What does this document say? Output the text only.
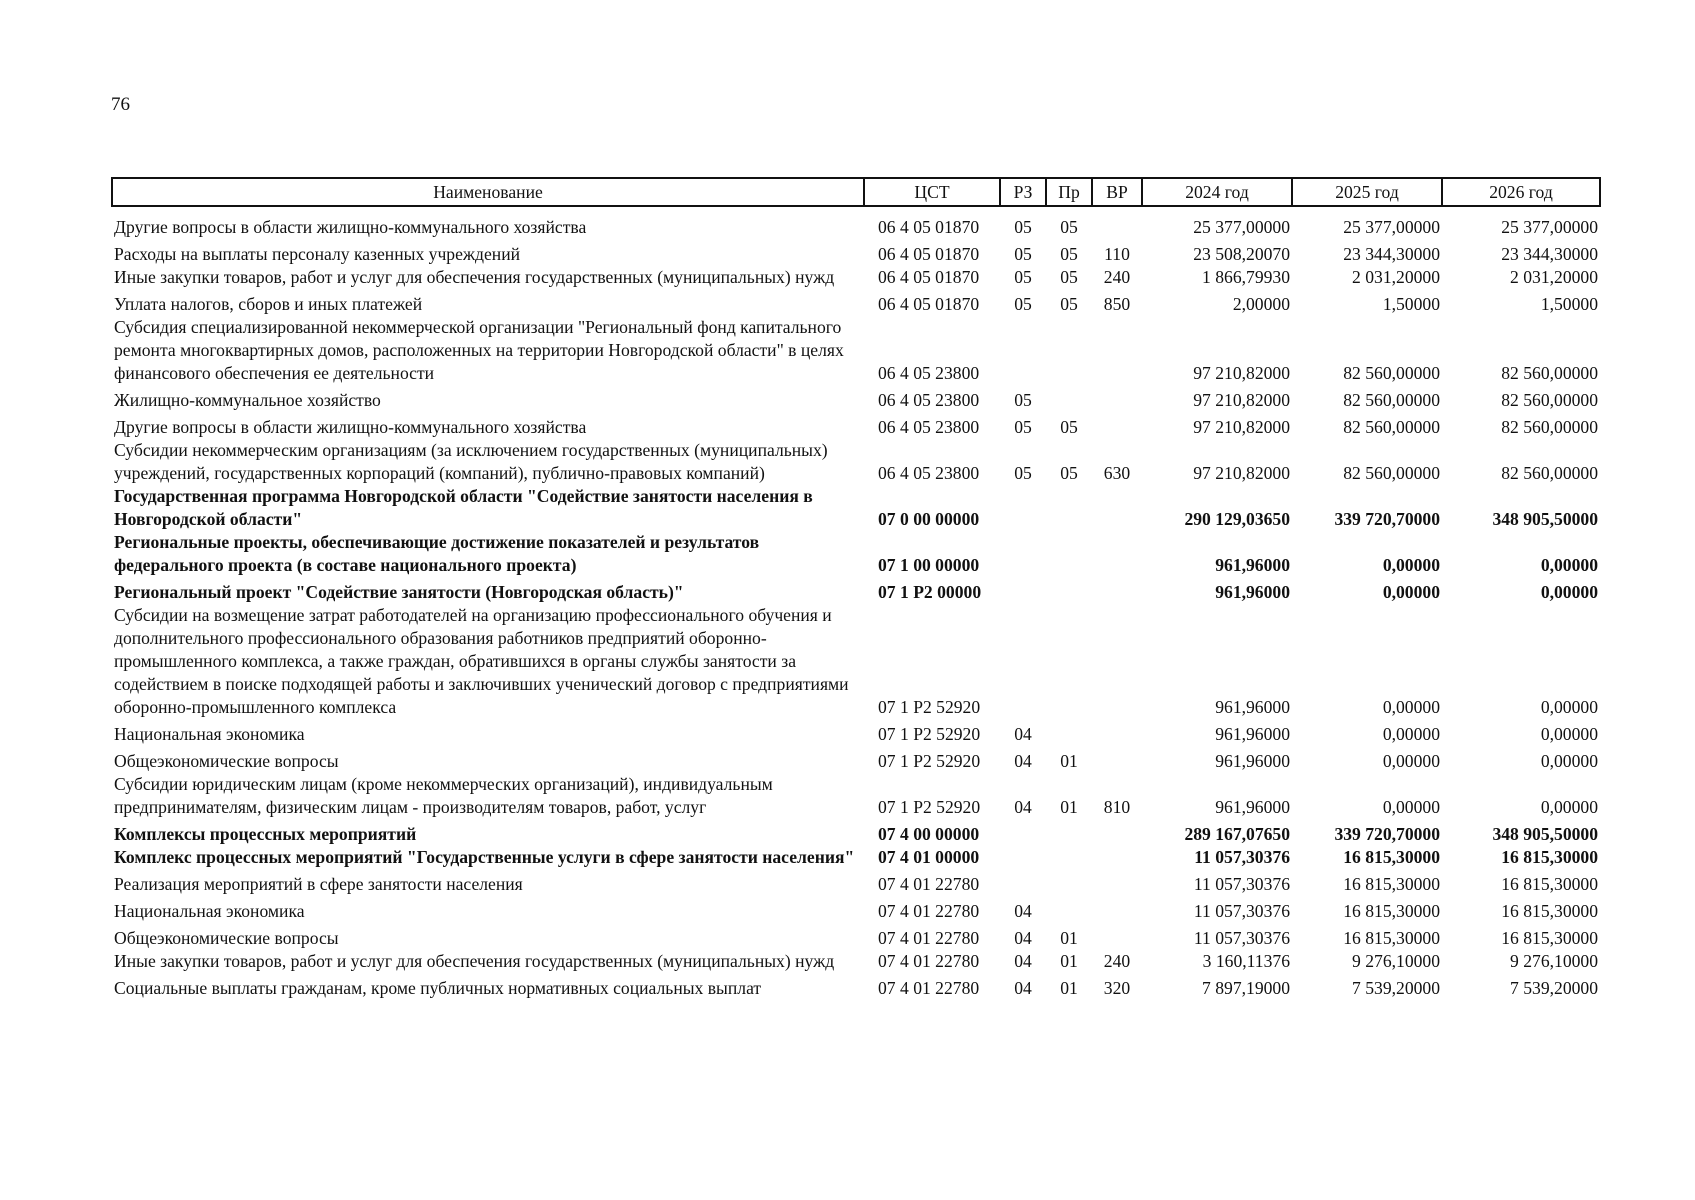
76
Наименование	ЦСТ	РЗ	Пр	ВР	2024 год	2025 год	2026 год
Другие вопросы в области жилищно-коммунального хозяйства	06 4 05 01870	05	05		25 377,00000	25 377,00000	25 377,00000
Расходы на выплаты персоналу казенных учреждений	06 4 05 01870	05	05	110	23 508,20070	23 344,30000	23 344,30000
Иные закупки товаров, работ и услуг для обеспечения государственных (муниципальных) нужд	06 4 05 01870	05	05	240	1 866,79930	2 031,20000	2 031,20000
Уплата налогов, сборов и иных платежей	06 4 05 01870	05	05	850	2,00000	1,50000	1,50000
Субсидия специализированной некоммерческой организации "Региональный фонд капитального ремонта многоквартирных домов, расположенных на территории Новгородской области" в целях финансового обеспечения ее деятельности	06 4 05 23800				97 210,82000	82 560,00000	82 560,00000
Жилищно-коммунальное хозяйство	06 4 05 23800	05			97 210,82000	82 560,00000	82 560,00000
Другие вопросы в области жилищно-коммунального хозяйства	06 4 05 23800	05	05		97 210,82000	82 560,00000	82 560,00000
Субсидии некоммерческим организациям (за исключением государственных (муниципальных) учреждений, государственных корпораций (компаний), публично-правовых компаний)	06 4 05 23800	05	05	630	97 210,82000	82 560,00000	82 560,00000
Государственная программа Новгородской области "Содействие занятости населения в Новгородской области"	07 0 00 00000				290 129,03650	339 720,70000	348 905,50000
Региональные проекты, обеспечивающие достижение показателей и результатов федерального проекта (в составе национального проекта)	07 1 00 00000				961,96000	0,00000	0,00000
Региональный проект "Содействие занятости (Новгородская область)"	07 1 P2 00000				961,96000	0,00000	0,00000
Субсидии на возмещение затрат работодателей на организацию профессионального обучения и дополнительного профессионального образования работников предприятий оборонно-промышленного комплекса, а также граждан, обратившихся в органы службы занятости за содействием в поиске подходящей работы и заключивших ученический договор с предприятиями оборонно-промышленного комплекса	07 1 P2 52920				961,96000	0,00000	0,00000
Национальная экономика	07 1 P2 52920	04			961,96000	0,00000	0,00000
Общеэкономические вопросы	07 1 P2 52920	04	01		961,96000	0,00000	0,00000
Субсидии юридическим лицам (кроме некоммерческих организаций), индивидуальным предпринимателям, физическим лицам - производителям товаров, работ, услуг	07 1 P2 52920	04	01	810	961,96000	0,00000	0,00000
Комплексы процессных мероприятий	07 4 00 00000				289 167,07650	339 720,70000	348 905,50000
Комплекс процессных мероприятий "Государственные услуги в сфере занятости населения"	07 4 01 00000				11 057,30376	16 815,30000	16 815,30000
Реализация мероприятий в сфере занятости населения	07 4 01 22780				11 057,30376	16 815,30000	16 815,30000
Национальная экономика	07 4 01 22780	04			11 057,30376	16 815,30000	16 815,30000
Общеэкономические вопросы	07 4 01 22780	04	01		11 057,30376	16 815,30000	16 815,30000
Иные закупки товаров, работ и услуг для обеспечения государственных (муниципальных) нужд	07 4 01 22780	04	01	240	3 160,11376	9 276,10000	9 276,10000
Социальные выплаты гражданам, кроме публичных нормативных социальных выплат	07 4 01 22780	04	01	320	7 897,19000	7 539,20000	7 539,20000
